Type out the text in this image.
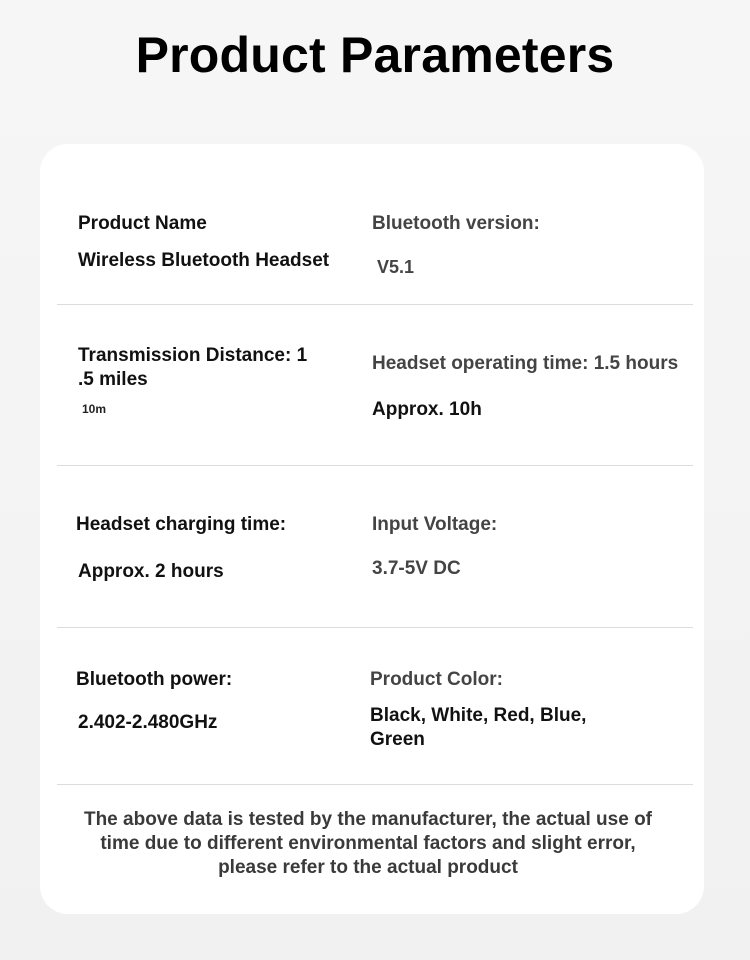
Product Parameters
Product Name
Wireless Bluetooth Headset
Bluetooth version:
V5.1
Transmission Distance: 1
.5 miles
10m
Headset operating time: 1.5 hours
Approx. 10h
Headset charging time:
Approx. 2 hours
Input Voltage:
3.7-5V DC
Bluetooth power:
2.402-2.480GHz
Product Color:
Black, White, Red, Blue,
Green
The above data is tested by the manufacturer, the actual use of
time due to different environmental factors and slight error,
please refer to the actual product
